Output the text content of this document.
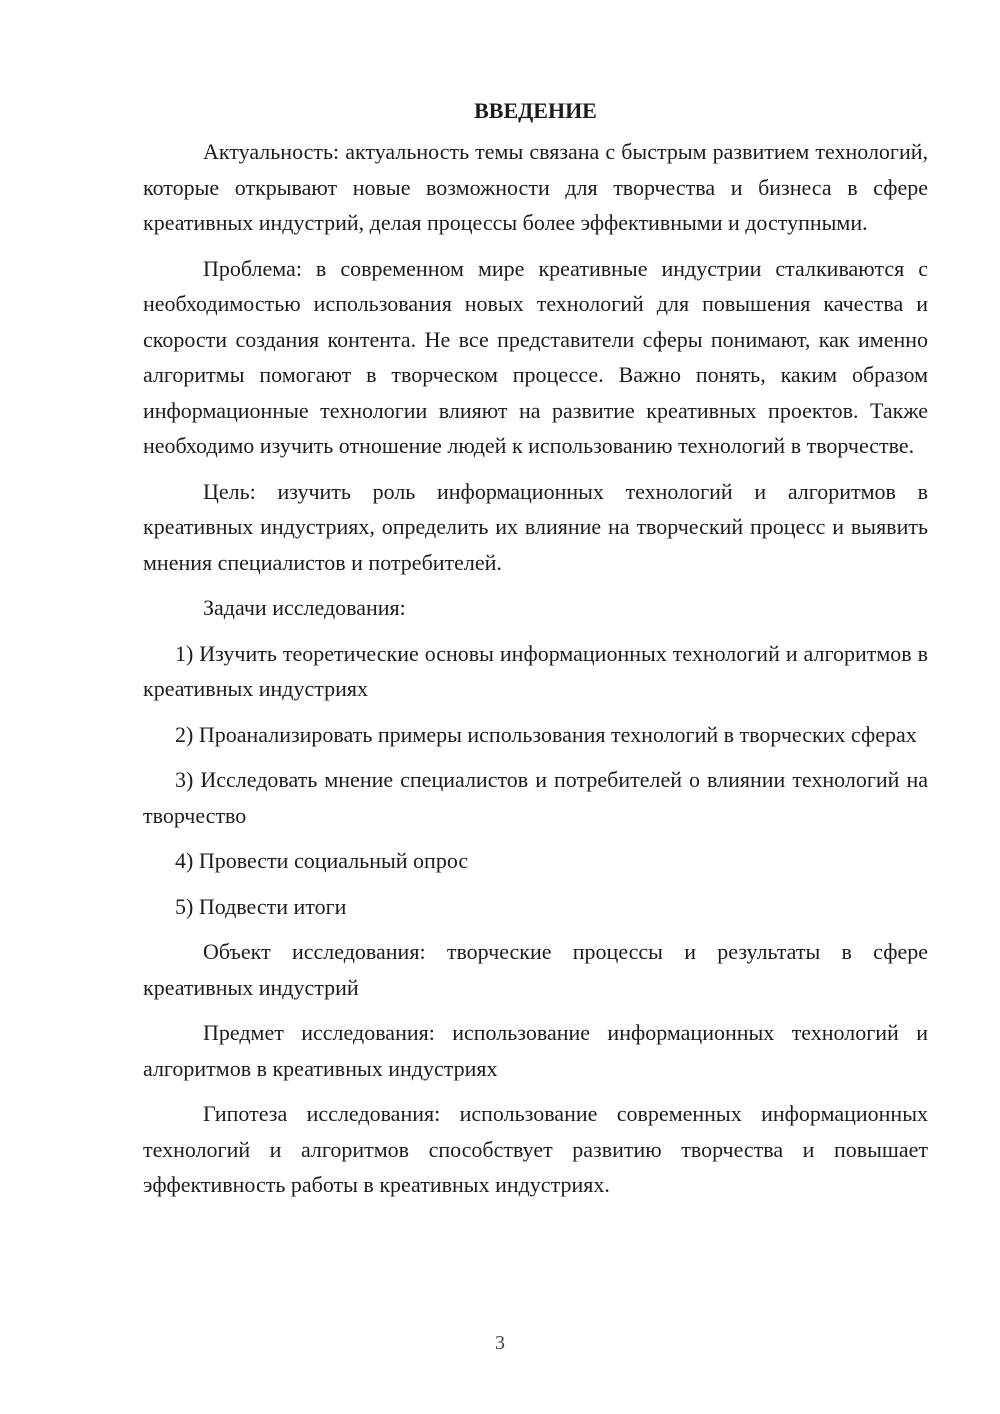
ВВЕДЕНИЕ

Актуальность: актуальность темы связана с быстрым развитием технологий, которые открывают новые возможности для творчества и бизнеса в сфере креативных индустрий, делая процессы более эффективными и доступными.

Проблема: в современном мире креативные индустрии сталкиваются с необходимостью использования новых технологий для повышения качества и скорости создания контента. Не все представители сферы понимают, как именно алгоритмы помогают в творческом процессе. Важно понять, каким образом информационные технологии влияют на развитие креативных проектов. Также необходимо изучить отношение людей к использованию технологий в творчестве.

Цель: изучить роль информационных технологий и алгоритмов в креативных индустриях, определить их влияние на творческий процесс и выявить мнения специалистов и потребителей.

Задачи исследования:

1) Изучить теоретические основы информационных технологий и алгоритмов в креативных индустриях

2) Проанализировать примеры использования технологий в творческих сферах

3) Исследовать мнение специалистов и потребителей о влиянии технологий на творчество

4) Провести социальный опрос

5) Подвести итоги

Объект исследования: творческие процессы и результаты в сфере креативных индустрий

Предмет исследования: использование информационных технологий и алгоритмов в креативных индустриях

Гипотеза исследования: использование современных информационных технологий и алгоритмов способствует развитию творчества и повышает эффективность работы в креативных индустриях.

3
